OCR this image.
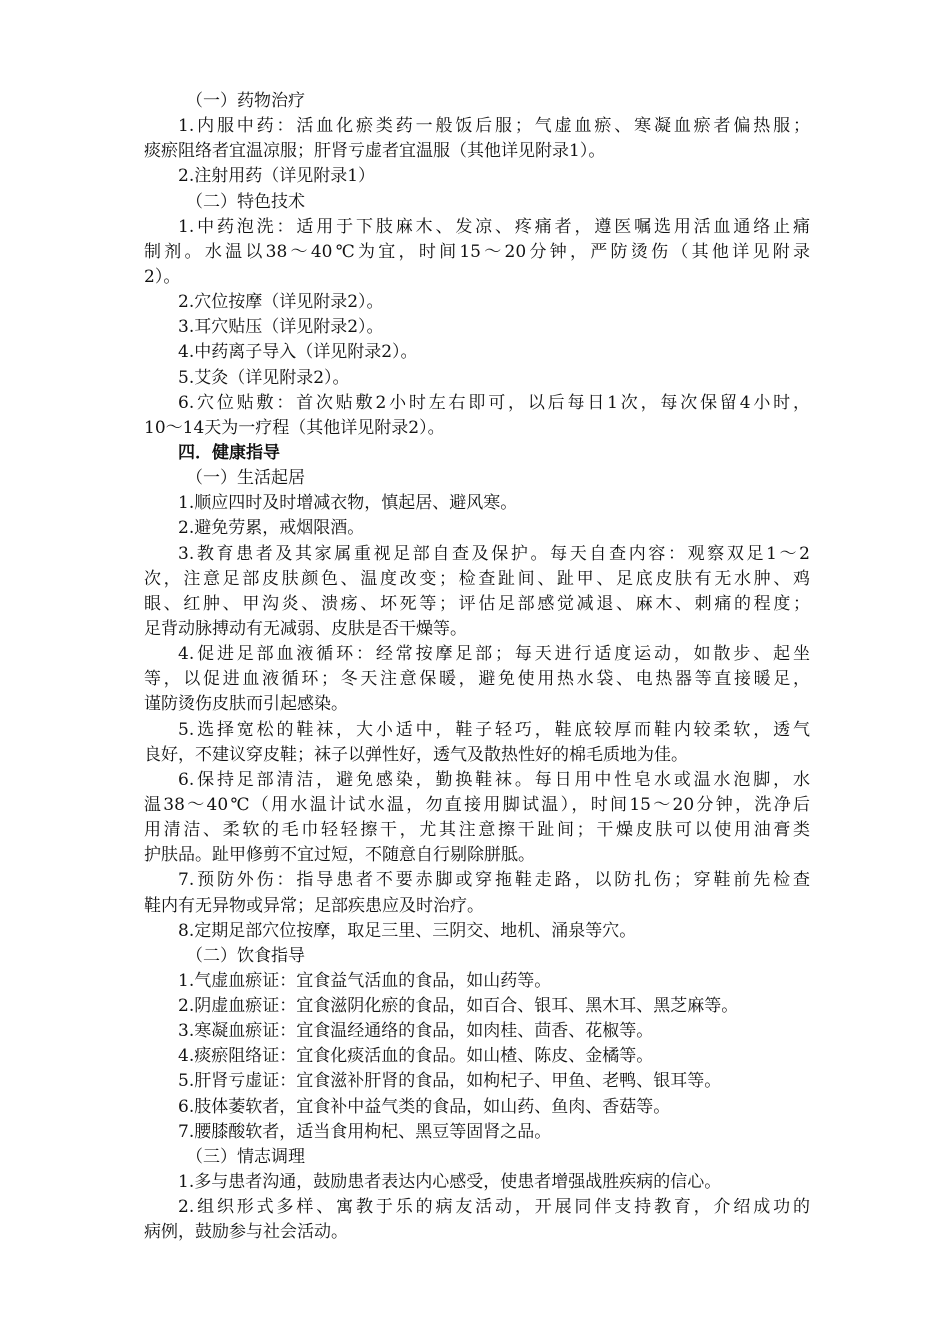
（一）药物治疗
1.内服中药：活血化瘀类药一般饭后服；气虚血瘀、寒凝血瘀者偏热服；
痰瘀阻络者宜温凉服；肝肾亏虚者宜温服（其他详见附录1）。
2.注射用药（详见附录1）
（二）特色技术
1.中药泡洗：适用于下肢麻木、发凉、疼痛者，遵医嘱选用活血通络止痛
制剂。水温以38～40℃为宜，时间15～20分钟，严防烫伤（其他详见附录
2）。
2.穴位按摩（详见附录2）。
3.耳穴贴压（详见附录2）。
4.中药离子导入（详见附录2）。
5.艾灸（详见附录2）。
6.穴位贴敷：首次贴敷2小时左右即可，以后每日1次，每次保留4小时，
10～14天为一疗程（其他详见附录2）。
四．健康指导
（一）生活起居
1.顺应四时及时增减衣物，慎起居、避风寒。
2.避免劳累，戒烟限酒。
3.教育患者及其家属重视足部自查及保护。每天自查内容：观察双足1～2
次，注意足部皮肤颜色、温度改变；检查趾间、趾甲、足底皮肤有无水肿、鸡
眼、红肿、甲沟炎、溃疡、坏死等；评估足部感觉减退、麻木、刺痛的程度；
足背动脉搏动有无减弱、皮肤是否干燥等。
4.促进足部血液循环：经常按摩足部；每天进行适度运动，如散步、起坐
等，以促进血液循环；冬天注意保暖，避免使用热水袋、电热器等直接暖足，
谨防烫伤皮肤而引起感染。
5.选择宽松的鞋袜，大小适中，鞋子轻巧，鞋底较厚而鞋内较柔软，透气
良好，不建议穿皮鞋；袜子以弹性好，透气及散热性好的棉毛质地为佳。
6.保持足部清洁，避免感染，勤换鞋袜。每日用中性皂水或温水泡脚，水
温38～40℃（用水温计试水温，勿直接用脚试温），时间15～20分钟，洗净后
用清洁、柔软的毛巾轻轻擦干，尤其注意擦干趾间；干燥皮肤可以使用油膏类
护肤品。趾甲修剪不宜过短，不随意自行剔除胼胝。
7.预防外伤：指导患者不要赤脚或穿拖鞋走路，以防扎伤；穿鞋前先检查
鞋内有无异物或异常；足部疾患应及时治疗。
8.定期足部穴位按摩，取足三里、三阴交、地机、涌泉等穴。
（二）饮食指导
1.气虚血瘀证：宜食益气活血的食品，如山药等。
2.阴虚血瘀证：宜食滋阴化瘀的食品，如百合、银耳、黑木耳、黑芝麻等。
3.寒凝血瘀证：宜食温经通络的食品，如肉桂、茴香、花椒等。
4.痰瘀阻络证：宜食化痰活血的食品。如山楂、陈皮、金橘等。
5.肝肾亏虚证：宜食滋补肝肾的食品，如枸杞子、甲鱼、老鸭、银耳等。
6.肢体萎软者，宜食补中益气类的食品，如山药、鱼肉、香菇等。
7.腰膝酸软者，适当食用枸杞、黑豆等固肾之品。
（三）情志调理
1.多与患者沟通，鼓励患者表达内心感受，使患者增强战胜疾病的信心。
2.组织形式多样、寓教于乐的病友活动，开展同伴支持教育，介绍成功的
病例，鼓励参与社会活动。
